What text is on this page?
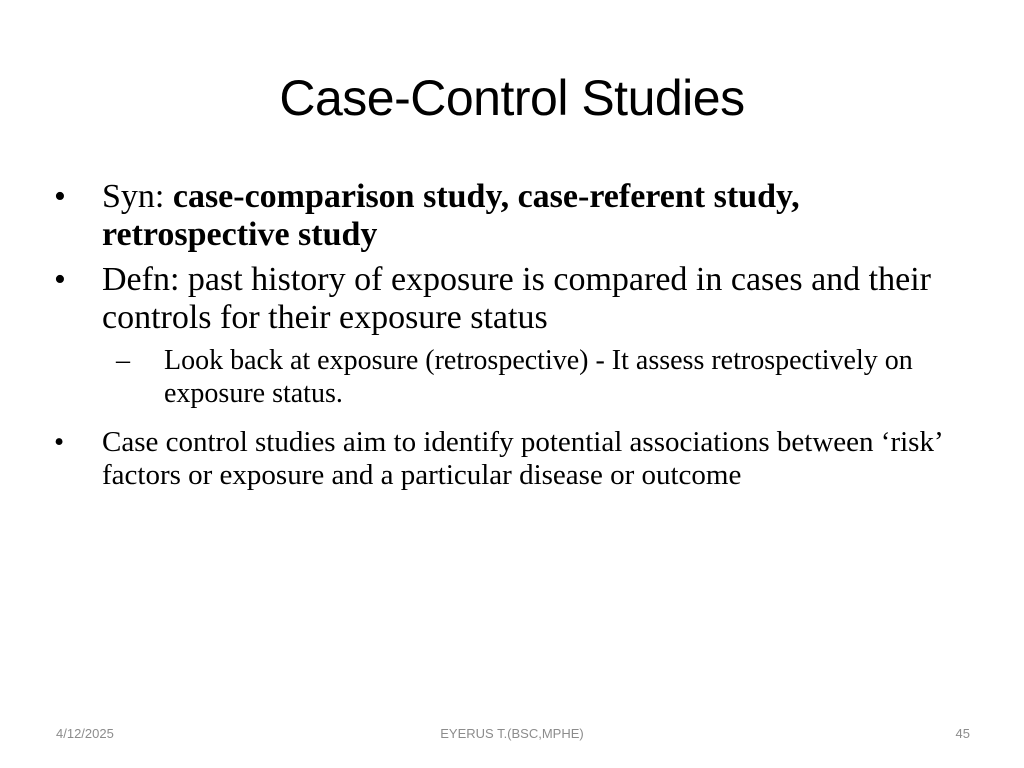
Case-Control Studies
• Syn: case-comparison study, case-referent study, retrospective study
• Defn: past history of exposure is compared in cases and their controls for their exposure status
– Look back at exposure (retrospective) - It assess retrospectively on exposure status.
• Case control studies aim to identify potential associations between ‘risk’ factors or exposure and a particular disease or outcome
4/12/2025	EYERUS T.(BSC,MPHE)	45
